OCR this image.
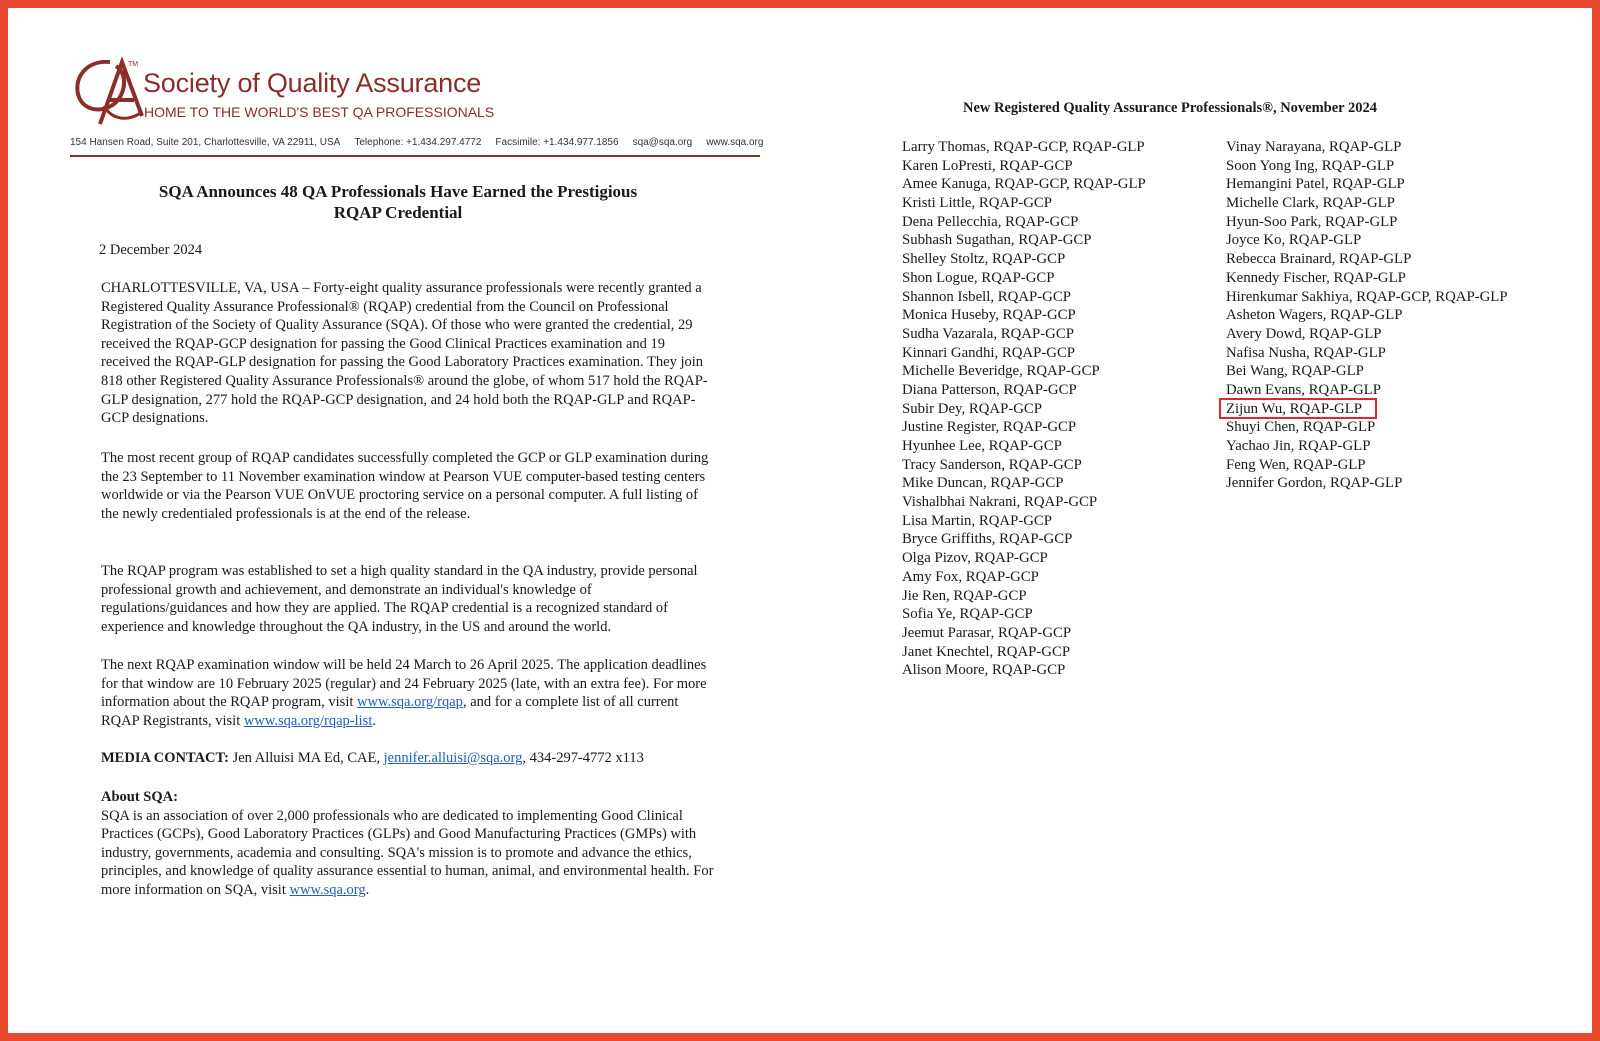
TM
Society of Quality Assurance
HOME TO THE WORLD'S BEST QA PROFESSIONALS
154 Hansen Road, Suite 201, Charlottesville, VA 22911, USA Telephone: +1.434.297.4772 Facsimile: +1.434.977.1856 sqa@sqa.org www.sqa.org
SQA Announces 48 QA Professionals Have Earned the Prestigious RQAP Credential
2 December 2024

CHARLOTTESVILLE, VA, USA – Forty-eight quality assurance professionals were recently granted a Registered Quality Assurance Professional® (RQAP) credential from the Council on Professional Registration of the Society of Quality Assurance (SQA). Of those who were granted the credential, 29 received the RQAP-GCP designation for passing the Good Clinical Practices examination and 19 received the RQAP-GLP designation for passing the Good Laboratory Practices examination. They join 818 other Registered Quality Assurance Professionals® around the globe, of whom 517 hold the RQAP-GLP designation, 277 hold the RQAP-GCP designation, and 24 hold both the RQAP-GLP and RQAP-GCP designations.

The most recent group of RQAP candidates successfully completed the GCP or GLP examination during the 23 September to 11 November examination window at Pearson VUE computer-based testing centers worldwide or via the Pearson VUE OnVUE proctoring service on a personal computer. A full listing of the newly credentialed professionals is at the end of the release.

The RQAP program was established to set a high quality standard in the QA industry, provide personal professional growth and achievement, and demonstrate an individual's knowledge of regulations/guidances and how they are applied. The RQAP credential is a recognized standard of experience and knowledge throughout the QA industry, in the US and around the world.

The next RQAP examination window will be held 24 March to 26 April 2025. The application deadlines for that window are 10 February 2025 (regular) and 24 February 2025 (late, with an extra fee). For more information about the RQAP program, visit www.sqa.org/rqap, and for a complete list of all current RQAP Registrants, visit www.sqa.org/rqap-list.

MEDIA CONTACT: Jen Alluisi MA Ed, CAE, jennifer.alluisi@sqa.org, 434-297-4772 x113

About SQA:

SQA is an association of over 2,000 professionals who are dedicated to implementing Good Clinical Practices (GCPs), Good Laboratory Practices (GLPs) and Good Manufacturing Practices (GMPs) with industry, governments, academia and consulting. SQA's mission is to promote and advance the ethics, principles, and knowledge of quality assurance essential to human, animal, and environmental health. For more information on SQA, visit www.sqa.org.

New Registered Quality Assurance Professionals®, November 2024
Larry Thomas, RQAP-GCP, RQAP-GLP
Karen LoPresti, RQAP-GCP
Amee Kanuga, RQAP-GCP, RQAP-GLP
Kristi Little, RQAP-GCP
Dena Pellecchia, RQAP-GCP
Subhash Sugathan, RQAP-GCP
Shelley Stoltz, RQAP-GCP
Shon Logue, RQAP-GCP
Shannon Isbell, RQAP-GCP
Monica Huseby, RQAP-GCP
Sudha Vazarala, RQAP-GCP
Kinnari Gandhi, RQAP-GCP
Michelle Beveridge, RQAP-GCP
Diana Patterson, RQAP-GCP
Subir Dey, RQAP-GCP
Justine Register, RQAP-GCP
Hyunhee Lee, RQAP-GCP
Tracy Sanderson, RQAP-GCP
Mike Duncan, RQAP-GCP
Vishalbhai Nakrani, RQAP-GCP
Lisa Martin, RQAP-GCP
Bryce Griffiths, RQAP-GCP
Olga Pizov, RQAP-GCP
Amy Fox, RQAP-GCP
Jie Ren, RQAP-GCP
Sofia Ye, RQAP-GCP
Jeemut Parasar, RQAP-GCP
Janet Knechtel, RQAP-GCP
Alison Moore, RQAP-GCP
Vinay Narayana, RQAP-GLP
Soon Yong Ing, RQAP-GLP
Hemangini Patel, RQAP-GLP
Michelle Clark, RQAP-GLP
Hyun-Soo Park, RQAP-GLP
Joyce Ko, RQAP-GLP
Rebecca Brainard, RQAP-GLP
Kennedy Fischer, RQAP-GLP
Hirenkumar Sakhiya, RQAP-GCP, RQAP-GLP
Asheton Wagers, RQAP-GLP
Avery Dowd, RQAP-GLP
Nafisa Nusha, RQAP-GLP
Bei Wang, RQAP-GLP
Dawn Evans, RQAP-GLP
Zijun Wu, RQAP-GLP
Shuyi Chen, RQAP-GLP
Yachao Jin, RQAP-GLP
Feng Wen, RQAP-GLP
Jennifer Gordon, RQAP-GLP
